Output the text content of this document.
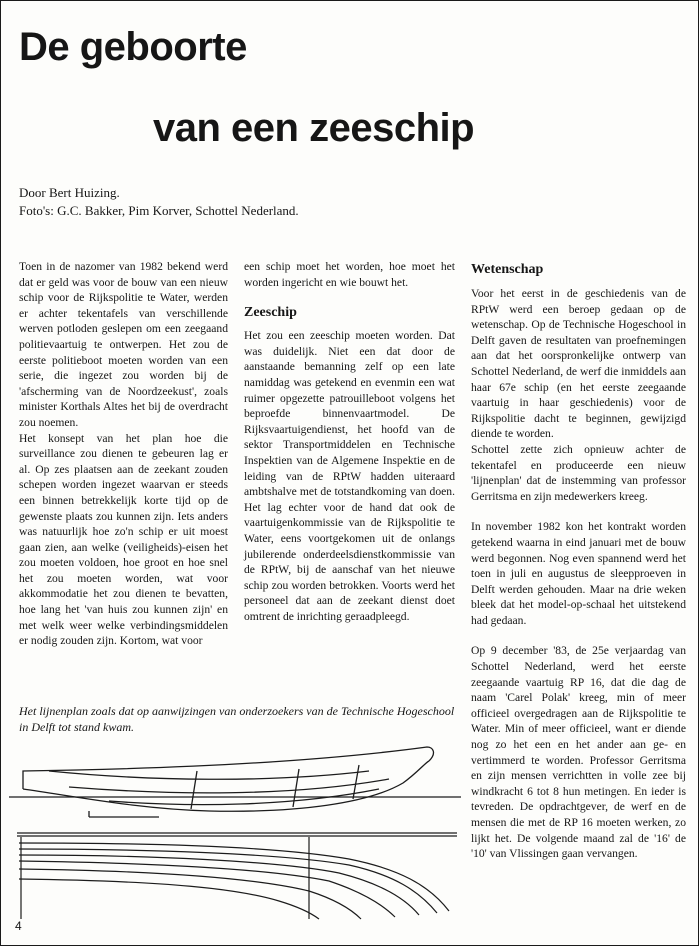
De geboorte
van een zeeschip
Door Bert Huizing.
Foto's: G.C. Bakker, Pim Korver, Schottel Nederland.

Toen in de nazomer van 1982 bekend werd dat er geld was voor de bouw van een nieuw schip voor de Rijkspolitie te Water, werden er achter tekentafels van verschillende werven potloden geslepen om een zeegaand politievaartuig te ontwerpen. Het zou de eerste politieboot moeten worden van een serie, die ingezet zou worden bij de 'afscherming van de Noordzeekust', zoals minister Korthals Altes het bij de overdracht zou noemen.

Het konsept van het plan hoe die surveillance zou dienen te gebeuren lag er al. Op zes plaatsen aan de zeekant zouden schepen worden ingezet waarvan er steeds een binnen betrekkelijk korte tijd op de gewenste plaats zou kunnen zijn. Iets anders was natuurlijk hoe zo'n schip er uit moest gaan zien, aan welke (veiligheids)-eisen het zou moeten voldoen, hoe groot en hoe snel het zou moeten worden, wat voor akkommodatie het zou dienen te bevatten, hoe lang het 'van huis zou kunnen zijn' en met welk weer welke verbindingsmiddelen er nodig zouden zijn. Kortom, wat voor

een schip moet het worden, hoe moet het worden ingericht en wie bouwt het.

Zeeschip

Het zou een zeeschip moeten worden. Dat was duidelijk. Niet een dat door de aanstaande bemanning zelf op een late namiddag was getekend en evenmin een wat ruimer opgezette patrouilleboot volgens het beproefde binnenvaartmodel. De Rijksvaartuigendienst, het hoofd van de sektor Transportmiddelen en Technische Inspektien van de Algemene Inspektie en de leiding van de RPtW hadden uiteraard ambtshalve met de totstandkoming van doen. Het lag echter voor de hand dat ook de vaartuigenkommissie van de Rijkspolitie te Water, eens voortgekomen uit de onlangs jubilerende onderdeelsdienstkommissie van de RPtW, bij de aanschaf van het nieuwe schip zou worden betrokken. Voorts werd het personeel dat aan de zeekant dienst doet omtrent de inrichting geraadpleegd.

Wetenschap

Voor het eerst in de geschiedenis van de RPtW werd een beroep gedaan op de wetenschap. Op de Technische Hogeschool in Delft gaven de resultaten van proefnemingen aan dat het oorspronkelijke ontwerp van Schottel Nederland, de werf die inmiddels aan haar 67e schip (en het eerste zeegaande vaartuig in haar geschiedenis) voor de Rijkspolitie dacht te beginnen, gewijzigd diende te worden.

Schottel zette zich opnieuw achter de tekentafel en produceerde een nieuw 'lijnenplan' dat de instemming van professor Gerritsma en zijn medewerkers kreeg.

In november 1982 kon het kontrakt worden getekend waarna in eind januari met de bouw werd begonnen. Nog even spannend werd het toen in juli en augustus de sleepproeven in Delft werden gehouden. Maar na drie weken bleek dat het model-op-schaal het uitstekend had gedaan.

Op 9 december '83, de 25e verjaardag van Schottel Nederland, werd het eerste zeegaande vaartuig RP 16, dat die dag de naam 'Carel Polak' kreeg, min of meer officieel overgedragen aan de Rijkspolitie te Water. Min of meer officieel, want er diende nog zo het een en het ander aan ge- en vertimmerd te worden. Professor Gerritsma en zijn mensen verrichtten in volle zee bij windkracht 6 tot 8 hun metingen. En ieder is tevreden. De opdrachtgever, de werf en de mensen die met de RP 16 moeten werken, zo lijkt het. De volgende maand zal de '16' de '10' van Vlissingen gaan vervangen.

Het lijnenplan zoals dat op aanwijzingen van onderzoekers van de Technische Hogeschool in Delft tot stand kwam.

4
